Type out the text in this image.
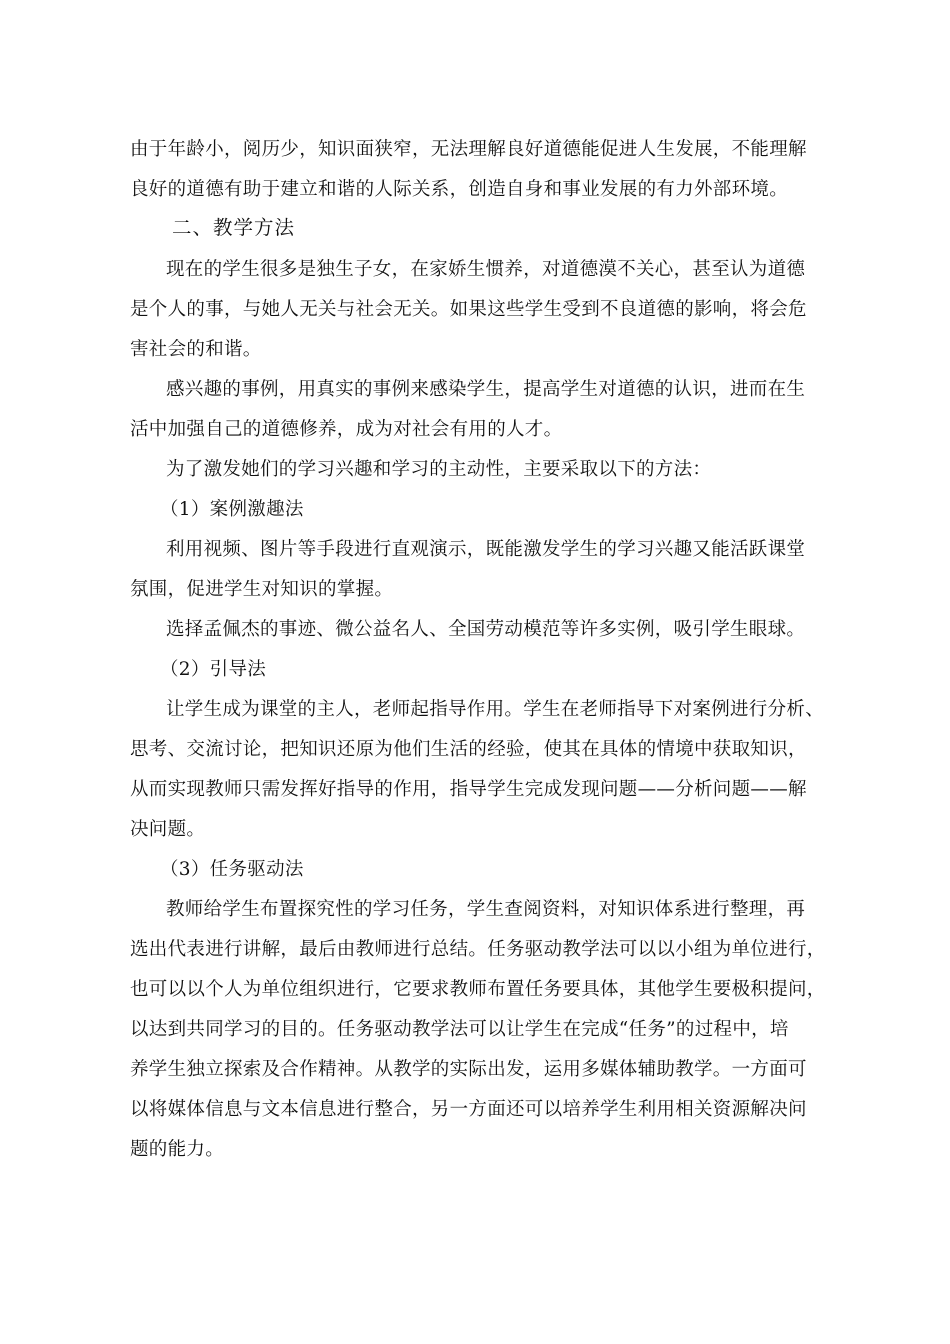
由于年龄小，阅历少，知识面狭窄，无法理解良好道德能促进人生发展，不能理解
良好的道德有助于建立和谐的人际关系，创造自身和事业发展的有力外部环境。
二、教学方法
现在的学生很多是独生子女，在家娇生惯养，对道德漠不关心，甚至认为道德
是个人的事，与她人无关与社会无关。如果这些学生受到不良道德的影响，将会危
害社会的和谐。
感兴趣的事例，用真实的事例来感染学生，提高学生对道德的认识，进而在生
活中加强自己的道德修养，成为对社会有用的人才。
为了激发她们的学习兴趣和学习的主动性，主要采取以下的方法：
（1）案例激趣法
利用视频、图片等手段进行直观演示，既能激发学生的学习兴趣又能活跃课堂
氛围，促进学生对知识的掌握。
选择孟佩杰的事迹、微公益名人、全国劳动模范等许多实例，吸引学生眼球。
（2）引导法
让学生成为课堂的主人，老师起指导作用。学生在老师指导下对案例进行分析、
思考、交流讨论，把知识还原为他们生活的经验，使其在具体的情境中获取知识，
从而实现教师只需发挥好指导的作用，指导学生完成发现问题——分析问题——解
决问题。
（3）任务驱动法
教师给学生布置探究性的学习任务，学生查阅资料，对知识体系进行整理，再
选出代表进行讲解，最后由教师进行总结。任务驱动教学法可以以小组为单位进行，
也可以以个人为单位组织进行，它要求教师布置任务要具体，其他学生要极积提问，
以达到共同学习的目的。任务驱动教学法可以让学生在完成“任务”的过程中，培
养学生独立探索及合作精神。从教学的实际出发，运用多媒体辅助教学。一方面可
以将媒体信息与文本信息进行整合，另一方面还可以培养学生利用相关资源解决问
题的能力。
